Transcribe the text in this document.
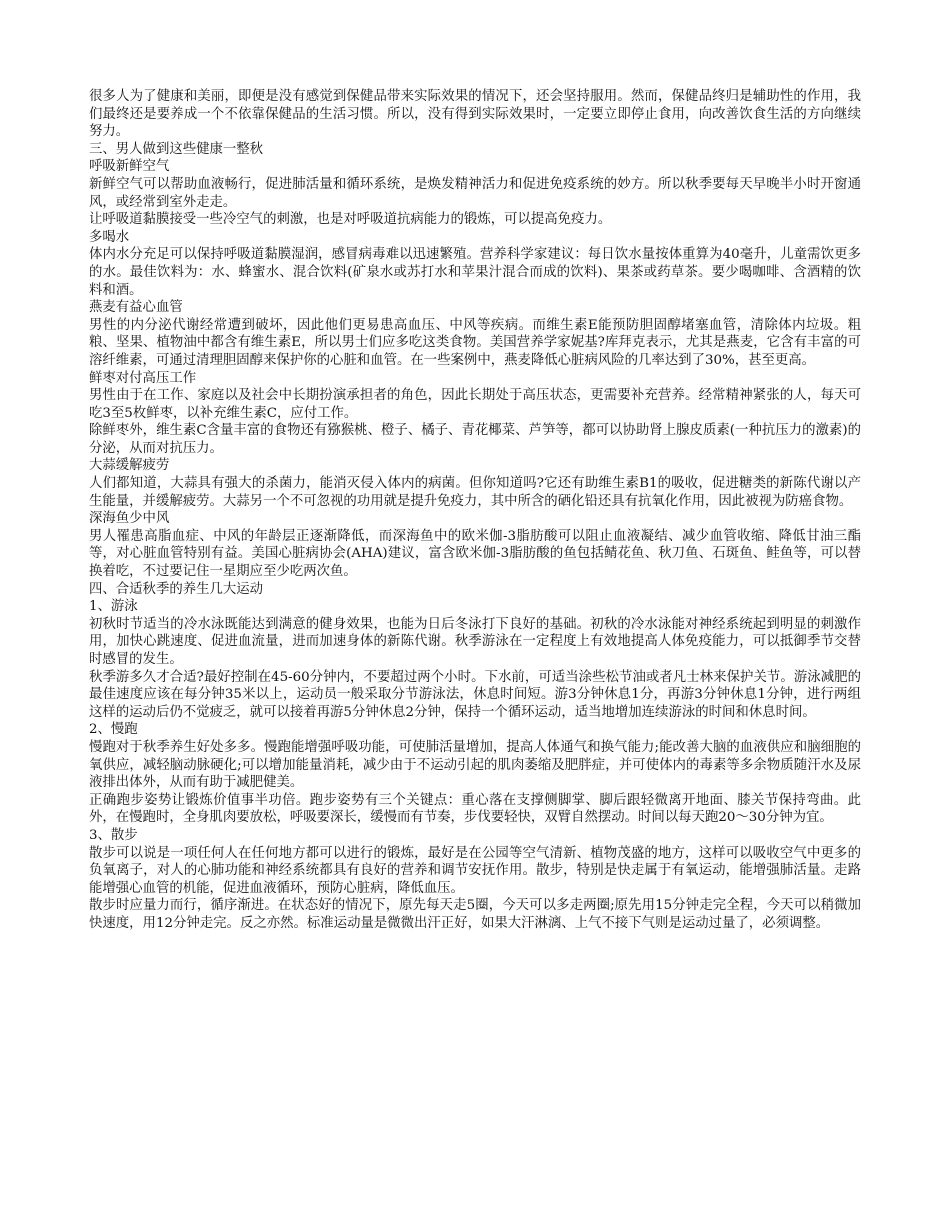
很多人为了健康和美丽，即便是没有感觉到保健品带来实际效果的情况下，还会坚持服用。然而，保健品终归是辅助性的作用，我们最终还是要养成一个不依靠保健品的生活习惯。所以，没有得到实际效果时，一定要立即停止食用，向改善饮食生活的方向继续努力。

三、男人做到这些健康一整秋

呼吸新鲜空气

新鲜空气可以帮助血液畅行，促进肺活量和循环系统，是焕发精神活力和促进免疫系统的妙方。所以秋季要每天早晚半小时开窗通风，或经常到室外走走。

让呼吸道黏膜接受一些冷空气的刺激，也是对呼吸道抗病能力的锻炼，可以提高免疫力。

多喝水

体内水分充足可以保持呼吸道黏膜湿润，感冒病毒难以迅速繁殖。营养科学家建议：每日饮水量按体重算为40毫升，儿童需饮更多的水。最佳饮料为：水、蜂蜜水、混合饮料(矿泉水或苏打水和苹果汁混合而成的饮料)、果茶或药草茶。要少喝咖啡、含酒精的饮料和酒。

燕麦有益心血管

男性的内分泌代谢经常遭到破坏，因此他们更易患高血压、中风等疾病。而维生素E能预防胆固醇堵塞血管，清除体内垃圾。粗粮、坚果、植物油中都含有维生素E，所以男士们应多吃这类食物。美国营养学家妮基?库拜克表示，尤其是燕麦，它含有丰富的可溶纤维素，可通过清理胆固醇来保护你的心脏和血管。在一些案例中，燕麦降低心脏病风险的几率达到了30%，甚至更高。

鲜枣对付高压工作

男性由于在工作、家庭以及社会中长期扮演承担者的角色，因此长期处于高压状态，更需要补充营养。经常精神紧张的人，每天可吃3至5枚鲜枣，以补充维生素C，应付工作。

除鲜枣外，维生素C含量丰富的食物还有猕猴桃、橙子、橘子、青花椰菜、芦笋等，都可以协助肾上腺皮质素(一种抗压力的激素)的分泌，从而对抗压力。

大蒜缓解疲劳

人们都知道，大蒜具有强大的杀菌力，能消灭侵入体内的病菌。但你知道吗?它还有助维生素B1的吸收，促进糖类的新陈代谢以产生能量，并缓解疲劳。大蒜另一个不可忽视的功用就是提升免疫力，其中所含的硒化铅还具有抗氧化作用，因此被视为防癌食物。

深海鱼少中风

男人罹患高脂血症、中风的年龄层正逐渐降低，而深海鱼中的欧米伽-3脂肪酸可以阻止血液凝结、减少血管收缩、降低甘油三酯等，对心脏血管特别有益。美国心脏病协会(AHA)建议，富含欧米伽-3脂肪酸的鱼包括鲭花鱼、秋刀鱼、石斑鱼、鲑鱼等，可以替换着吃，不过要记住一星期应至少吃两次鱼。

四、合适秋季的养生几大运动

1、游泳

初秋时节适当的冷水泳既能达到满意的健身效果，也能为日后冬泳打下良好的基础。初秋的冷水泳能对神经系统起到明显的刺激作用，加快心跳速度、促进血流量，进而加速身体的新陈代谢。秋季游泳在一定程度上有效地提高人体免疫能力，可以抵御季节交替时感冒的发生。

秋季游多久才合适?最好控制在45-60分钟内，不要超过两个小时。下水前，可适当涂些松节油或者凡士林来保护关节。游泳减肥的最佳速度应该在每分钟35米以上，运动员一般采取分节游泳法，休息时间短。游3分钟休息1分，再游3分钟休息1分钟，进行两组这样的运动后仍不觉疲乏，就可以接着再游5分钟休息2分钟，保持一个循环运动，适当地增加连续游泳的时间和休息时间。

2、慢跑

慢跑对于秋季养生好处多多。慢跑能增强呼吸功能，可使肺活量增加，提高人体通气和换气能力;能改善大脑的血液供应和脑细胞的氧供应，减轻脑动脉硬化;可以增加能量消耗，减少由于不运动引起的肌肉萎缩及肥胖症，并可使体内的毒素等多余物质随汗水及尿液排出体外，从而有助于减肥健美。

正确跑步姿势让锻炼价值事半功倍。跑步姿势有三个关键点：重心落在支撑侧脚掌、脚后跟轻微离开地面、膝关节保持弯曲。此外，在慢跑时，全身肌肉要放松，呼吸要深长，缓慢而有节奏，步伐要轻快，双臂自然摆动。时间以每天跑20～30分钟为宜。

3、散步

散步可以说是一项任何人在任何地方都可以进行的锻炼，最好是在公园等空气清新、植物茂盛的地方，这样可以吸收空气中更多的负氧离子，对人的心肺功能和神经系统都具有良好的营养和调节安抚作用。散步，特别是快走属于有氧运动，能增强肺活量。走路能增强心血管的机能，促进血液循环，预防心脏病，降低血压。

散步时应量力而行，循序渐进。在状态好的情况下，原先每天走5圈，今天可以多走两圈;原先用15分钟走完全程，今天可以稍微加快速度，用12分钟走完。反之亦然。标准运动量是微微出汗正好，如果大汗淋漓、上气不接下气则是运动过量了，必须调整。
